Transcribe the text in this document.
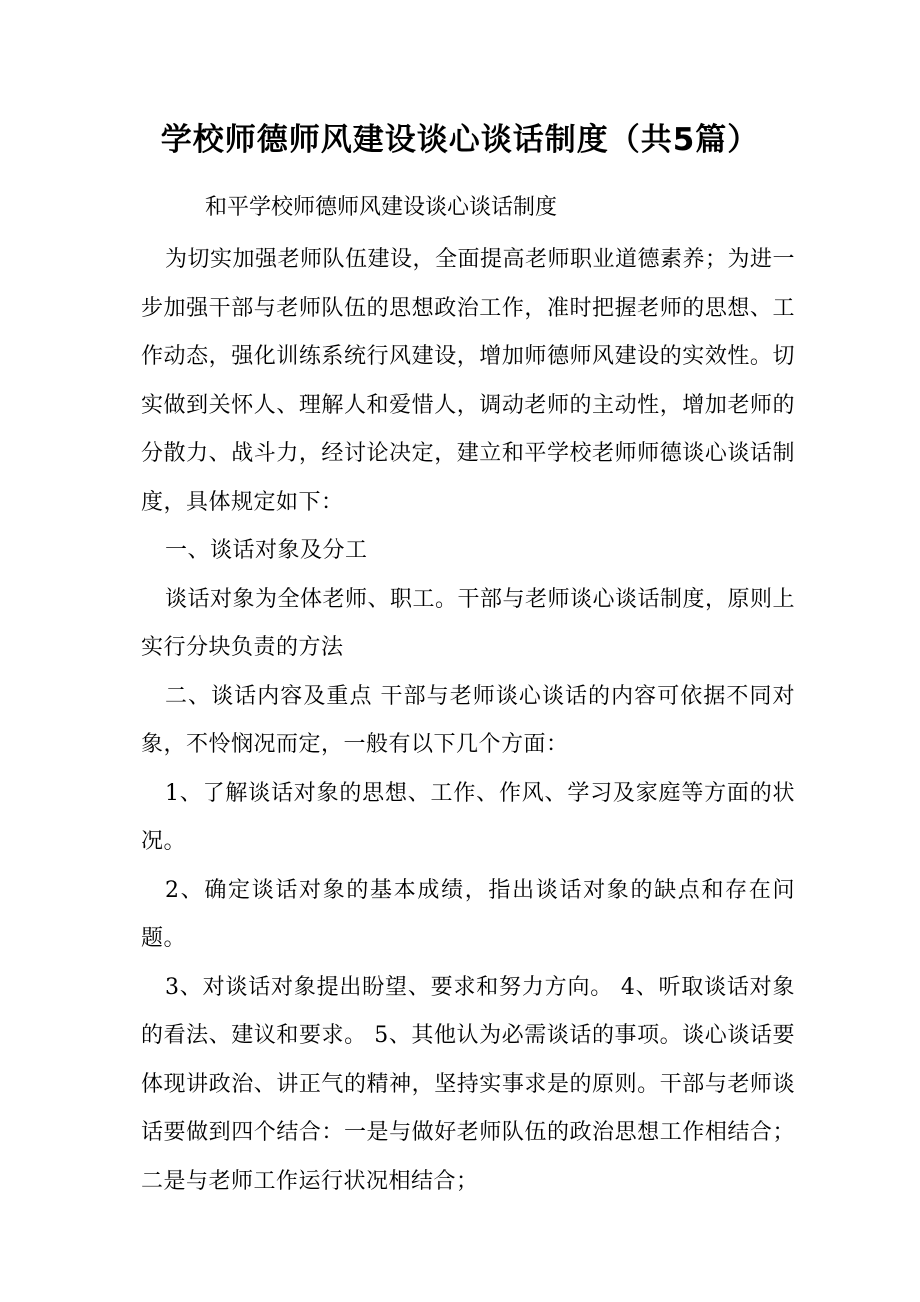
学校师德师风建设谈心谈话制度（共5篇）

和平学校师德师风建设谈心谈话制度

为切实加强老师队伍建设，全面提高老师职业道德素养；为进一步加强干部与老师队伍的思想政治工作，准时把握老师的思想、工作动态，强化训练系统行风建设，增加师德师风建设的实效性。切实做到关怀人、理解人和爱惜人，调动老师的主动性，增加老师的分散力、战斗力，经讨论决定，建立和平学校老师师德谈心谈话制度，具体规定如下：

一、谈话对象及分工

谈话对象为全体老师、职工。干部与老师谈心谈话制度，原则上实行分块负责的方法

二、谈话内容及重点 干部与老师谈心谈话的内容可依据不同对象，不怜悯况而定，一般有以下几个方面：

1、了解谈话对象的思想、工作、作风、学习及家庭等方面的状况。

2、确定谈话对象的基本成绩，指出谈话对象的缺点和存在问题。

3、对谈话对象提出盼望、要求和努力方向。 4、听取谈话对象的看法、建议和要求。 5、其他认为必需谈话的事项。谈心谈话要体现讲政治、讲正气的精神，坚持实事求是的原则。干部与老师谈话要做到四个结合：一是与做好老师队伍的政治思想工作相结合；二是与老师工作运行状况相结合；
